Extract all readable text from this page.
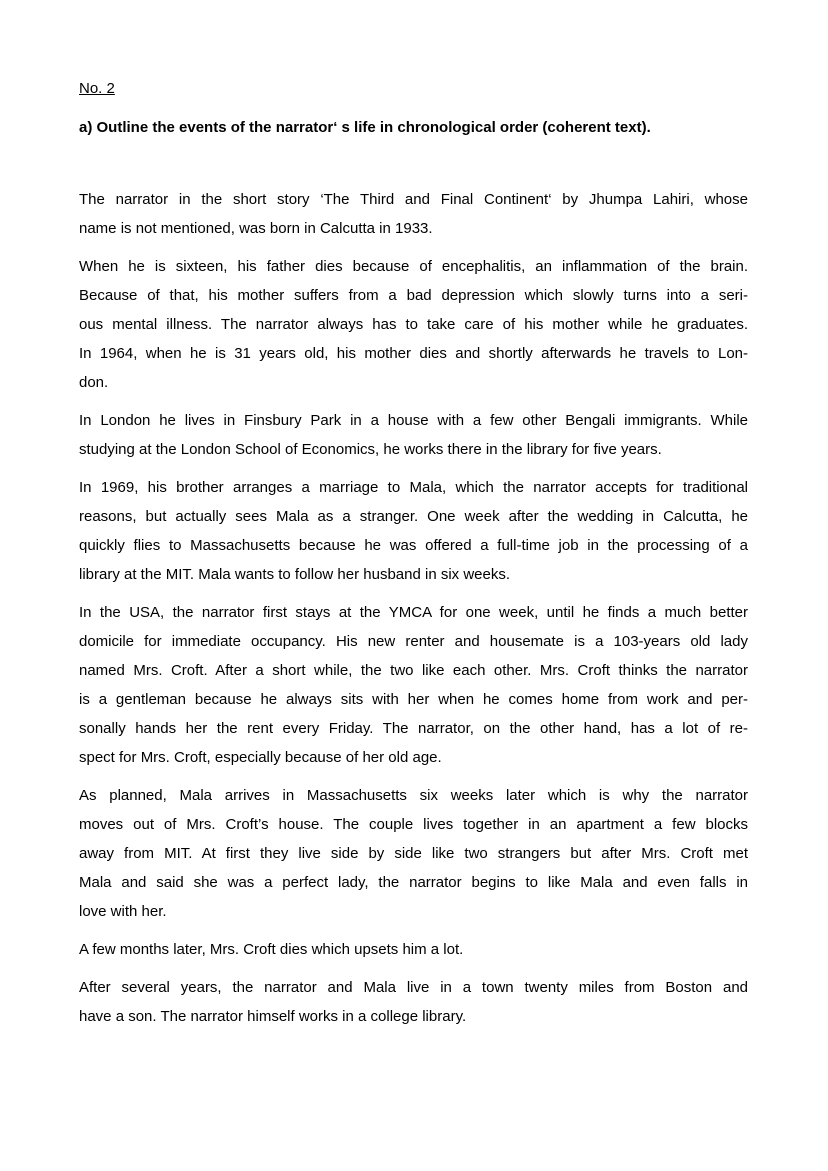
No. 2
a) Outline the events of the narrator‘ s life in chronological order (coherent text).

The narrator in the short story ‘The Third and Final Continent‘ by Jhumpa Lahiri, whose
name is not mentioned, was born in Calcutta in 1933.

When he is sixteen, his father dies because of encephalitis, an inflammation of the brain.
Because of that, his mother suffers from a bad depression which slowly turns into a seri-
ous mental illness. The narrator always has to take care of his mother while he graduates.
In 1964, when he is 31 years old, his mother dies and shortly afterwards he travels to Lon-
don.

In London he lives in Finsbury Park in a house with a few other Bengali immigrants. While
studying at the London School of Economics, he works there in the library for five years.

In 1969, his brother arranges a marriage to Mala, which the narrator accepts for traditional
reasons, but actually sees Mala as a stranger. One week after the wedding in Calcutta, he
quickly flies to Massachusetts because he was offered a full-time job in the processing of a
library at the MIT. Mala wants to follow her husband in six weeks.

In the USA, the narrator first stays at the YMCA for one week, until he finds a much better
domicile for immediate occupancy. His new renter and housemate is a 103-years old lady
named Mrs. Croft. After a short while, the two like each other. Mrs. Croft thinks the narrator
is a gentleman because he always sits with her when he comes home from work and per-
sonally hands her the rent every Friday. The narrator, on the other hand, has a lot of re-
spect for Mrs. Croft, especially because of her old age.

As planned, Mala arrives in Massachusetts six weeks later which is why the narrator
moves out of Mrs. Croft’s house. The couple lives together in an apartment a few blocks
away from MIT. At first they live side by side like two strangers but after Mrs. Croft met
Mala and said she was a perfect lady, the narrator begins to like Mala and even falls in
love with her.

A few months later, Mrs. Croft dies which upsets him a lot.

After several years, the narrator and Mala live in a town twenty miles from Boston and
have a son. The narrator himself works in a college library.
